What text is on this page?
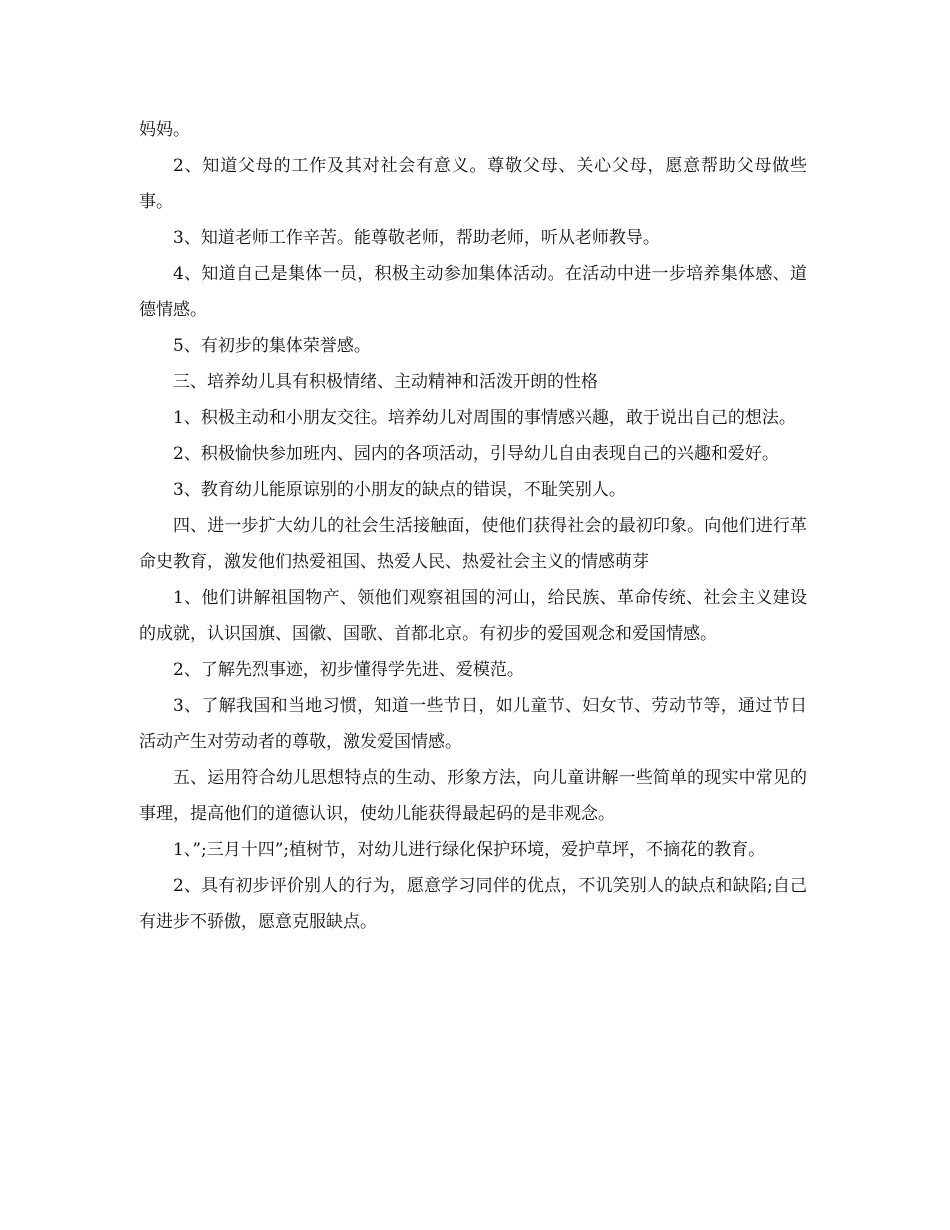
妈妈。

2、知道父母的工作及其对社会有意义。尊敬父母、关心父母，愿意帮助父母做些事。

3、知道老师工作辛苦。能尊敬老师，帮助老师，听从老师教导。

4、知道自己是集体一员，积极主动参加集体活动。在活动中进一步培养集体感、道德情感。

5、有初步的集体荣誉感。

三、培养幼儿具有积极情绪、主动精神和活泼开朗的性格

1、积极主动和小朋友交往。培养幼儿对周围的事情感兴趣，敢于说出自己的想法。

2、积极愉快参加班内、园内的各项活动，引导幼儿自由表现自己的兴趣和爱好。

3、教育幼儿能原谅别的小朋友的缺点的错误，不耻笑别人。

四、进一步扩大幼儿的社会生活接触面，使他们获得社会的最初印象。向他们进行革命史教育，激发他们热爱祖国、热爱人民、热爱社会主义的情感萌芽

1、他们讲解祖国物产、领他们观察祖国的河山，给民族、革命传统、社会主义建设的成就，认识国旗、国徽、国歌、首都北京。有初步的爱国观念和爱国情感。

2、了解先烈事迹，初步懂得学先进、爱模范。

3、了解我国和当地习惯，知道一些节日，如儿童节、妇女节、劳动节等，通过节日活动产生对劳动者的尊敬，激发爱国情感。

五、运用符合幼儿思想特点的生动、形象方法，向儿童讲解一些简单的现实中常见的事理，提高他们的道德认识，使幼儿能获得最起码的是非观念。

1、”;三月十四”;植树节，对幼儿进行绿化保护环境，爱护草坪，不摘花的教育。

2、具有初步评价别人的行为，愿意学习同伴的优点，不讥笑别人的缺点和缺陷;自己有进步不骄傲，愿意克服缺点。
